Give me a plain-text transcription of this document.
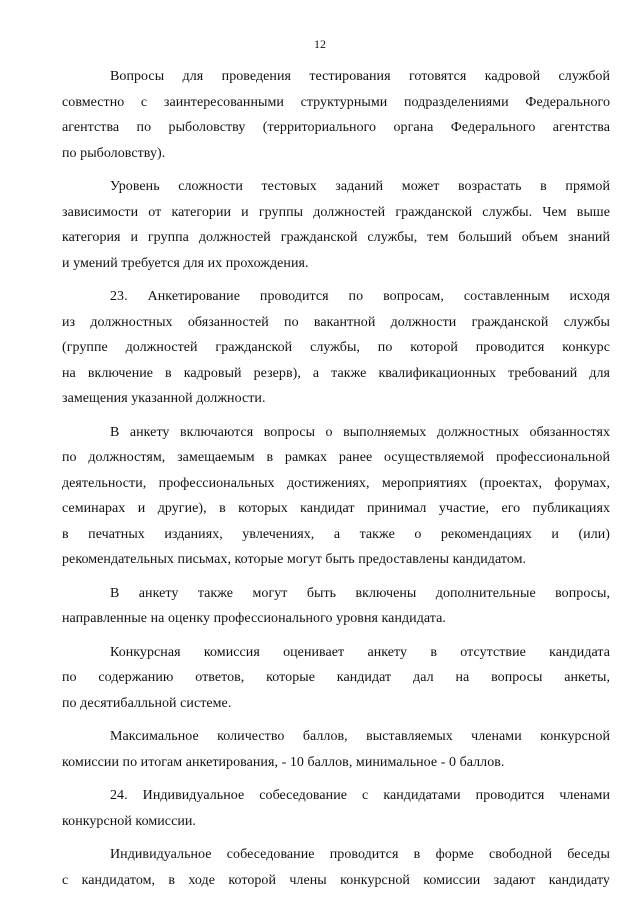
12
Вопросы для проведения тестирования готовятся кадровой службой
совместно с заинтересованными структурными подразделениями Федерального
агентства по рыболовству (территориального органа Федерального агентства
по рыболовству).
Уровень сложности тестовых заданий может возрастать в прямой
зависимости от категории и группы должностей гражданской службы. Чем выше
категория и группа должностей гражданской службы, тем больший объем знаний
и умений требуется для их прохождения.
23. Анкетирование проводится по вопросам, составленным исходя
из должностных обязанностей по вакантной должности гражданской службы
(группе должностей гражданской службы, по которой проводится конкурс
на включение в кадровый резерв), а также квалификационных требований для
замещения указанной должности.
В анкету включаются вопросы о выполняемых должностных обязанностях
по должностям, замещаемым в рамках ранее осуществляемой профессиональной
деятельности, профессиональных достижениях, мероприятиях (проектах, форумах,
семинарах и другие), в которых кандидат принимал участие, его публикациях
в печатных изданиях, увлечениях, а также о рекомендациях и (или)
рекомендательных письмах, которые могут быть предоставлены кандидатом.
В анкету также могут быть включены дополнительные вопросы,
направленные на оценку профессионального уровня кандидата.
Конкурсная комиссия оценивает анкету в отсутствие кандидата
по содержанию ответов, которые кандидат дал на вопросы анкеты,
по десятибалльной системе.
Максимальное количество баллов, выставляемых членами конкурсной
комиссии по итогам анкетирования, - 10 баллов, минимальное - 0 баллов.
24. Индивидуальное собеседование с кандидатами проводится членами
конкурсной комиссии.
Индивидуальное собеседование проводится в форме свободной беседы
с кандидатом, в ходе которой члены конкурсной комиссии задают кандидату
